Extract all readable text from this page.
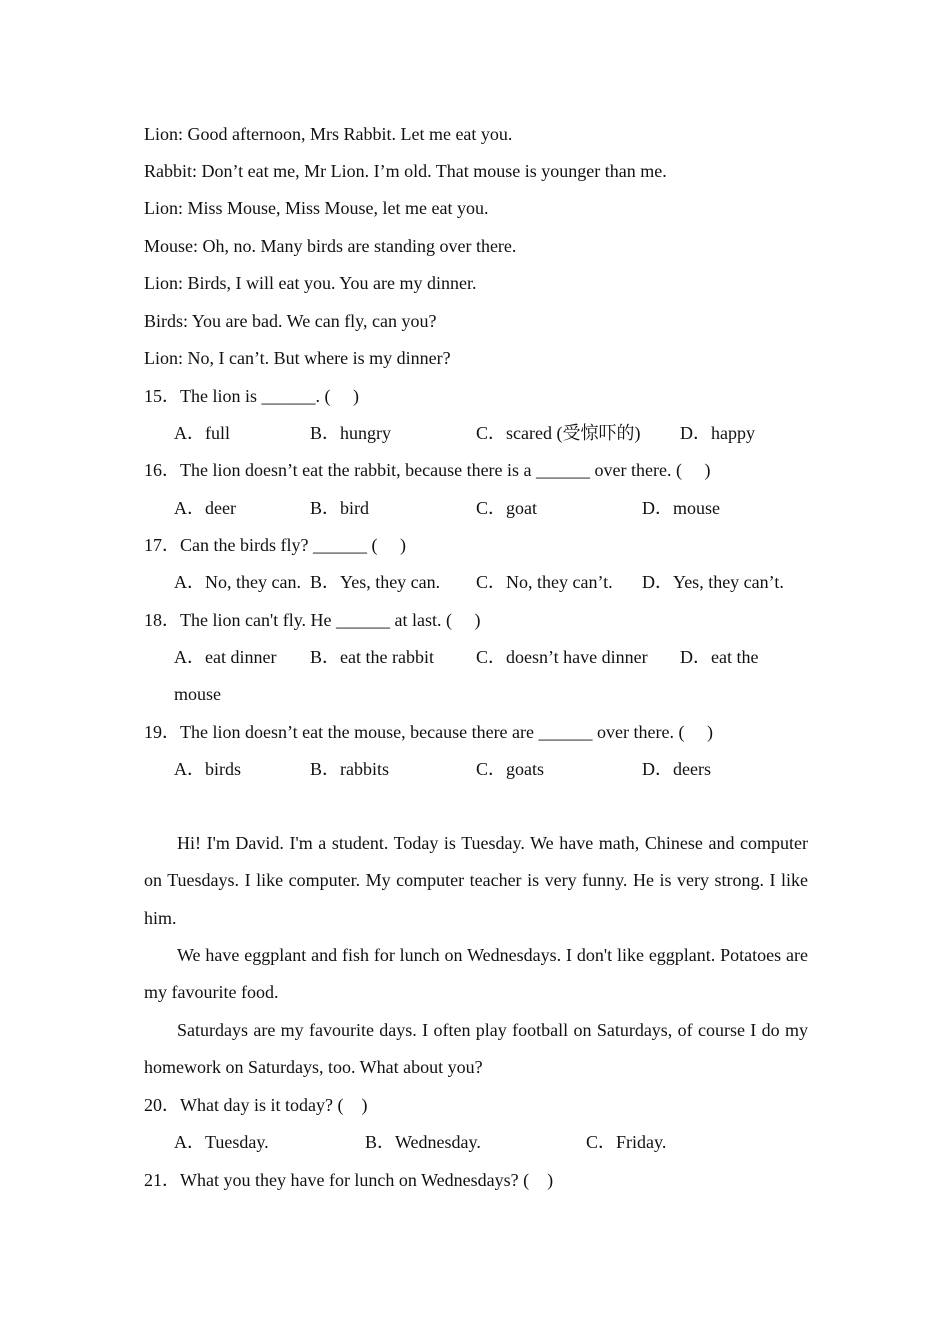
Lion: Good afternoon, Mrs Rabbit. Let me eat you.
Rabbit: Don’t eat me, Mr Lion. I’m old. That mouse is younger than me.
Lion: Miss Mouse, Miss Mouse, let me eat you.
Mouse: Oh, no. Many birds are standing over there.
Lion: Birds, I will eat you. You are my dinner.
Birds: You are bad. We can fly, can you?
Lion: No, I can’t. But where is my dinner?
15．The lion is ______. (　 )
A．full	B．hungry	C．scared (受惊吓的) D．happy
16．The lion doesn’t eat the rabbit, because there is a ______ over there. (　 )
A．deer	B．bird	C．goat	D．mouse
17．Can the birds fly? ______ (　 )
A．No, they can. B．Yes, they can. C．No, they can’t. D．Yes, they can’t.
18．The lion can't fly. He ______ at last. (　 )
A．eat dinner B．eat the rabbit C．doesn’t have dinner D．eat the
mouse
19．The lion doesn’t eat the mouse, because there are ______ over there. (　 )
A．birds	B．rabbits	C．goats	D．deers

Hi! I'm David. I'm a student. Today is Tuesday. We have math, Chinese and computer on Tuesdays. I like computer. My computer teacher is very funny. He is very strong. I like him.

We have eggplant and fish for lunch on Wednesdays. I don't like eggplant. Potatoes are my favourite food.

Saturdays are my favourite days. I often play football on Saturdays, of course I do my homework on Saturdays, too. What about you?

20．What day is it today? (　)
A．Tuesday.	B．Wednesday.	C．Friday.
21．What you they have for lunch on Wednesdays? (　)
